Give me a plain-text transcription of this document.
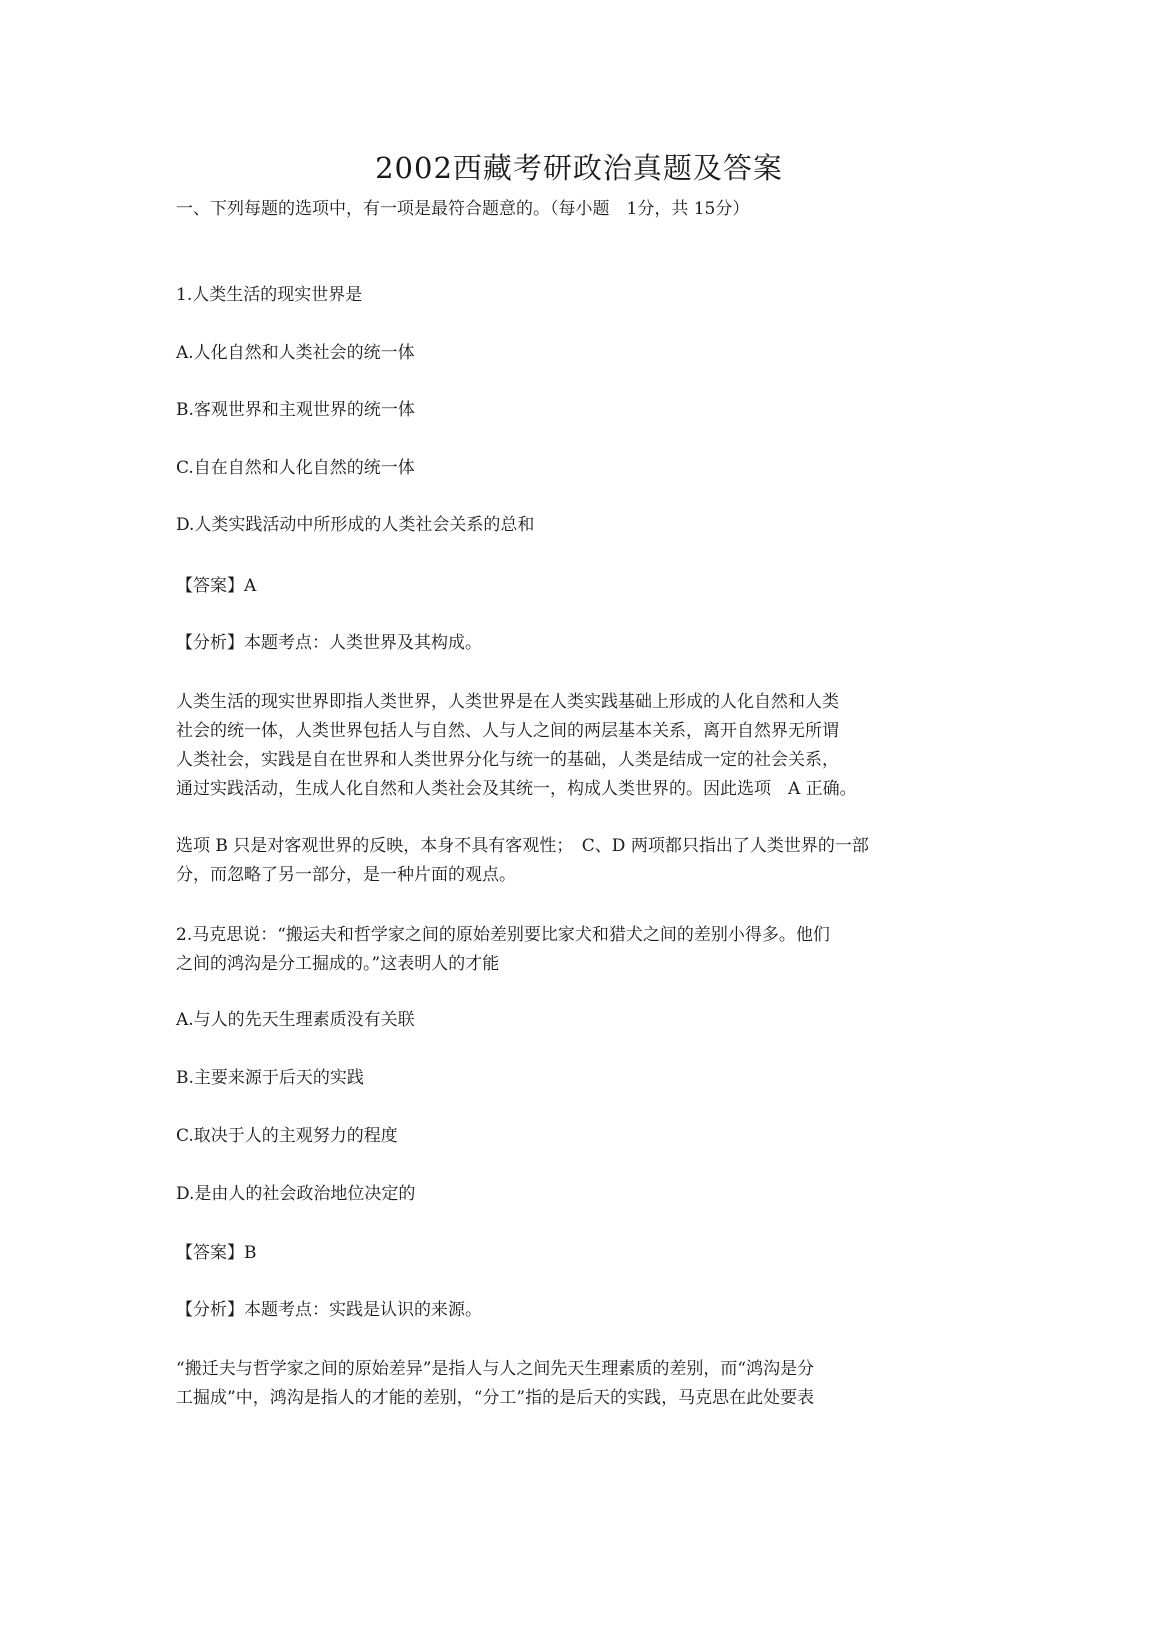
2002西藏考研政治真题及答案
一、下列每题的选项中，有一项是最符合题意的。（每小题　1分，共 15分）
1.人类生活的现实世界是
A.人化自然和人类社会的统一体
B.客观世界和主观世界的统一体
C.自在自然和人化自然的统一体
D.人类实践活动中所形成的人类社会关系的总和
【答案】A
【分析】本题考点：人类世界及其构成。
人类生活的现实世界即指人类世界，人类世界是在人类实践基础上形成的人化自然和人类
社会的统一体，人类世界包括人与自然、人与人之间的两层基本关系，离开自然界无所谓
人类社会，实践是自在世界和人类世界分化与统一的基础，人类是结成一定的社会关系，
通过实践活动，生成人化自然和人类社会及其统一，构成人类世界的。因此选项　A 正确。
选项 B 只是对客观世界的反映，本身不具有客观性；　C、D 两项都只指出了人类世界的一部
分，而忽略了另一部分，是一种片面的观点。
2.马克思说：“搬运夫和哲学家之间的原始差别要比家犬和猎犬之间的差别小得多。他们
之间的鸿沟是分工掘成的。”这表明人的才能
A.与人的先天生理素质没有关联
B.主要来源于后天的实践
C.取决于人的主观努力的程度
D.是由人的社会政治地位决定的
【答案】B
【分析】本题考点：实践是认识的来源。
“搬迁夫与哲学家之间的原始差异”是指人与人之间先天生理素质的差别，而“鸿沟是分
工掘成”中，鸿沟是指人的才能的差别，“分工”指的是后天的实践，马克思在此处要表
